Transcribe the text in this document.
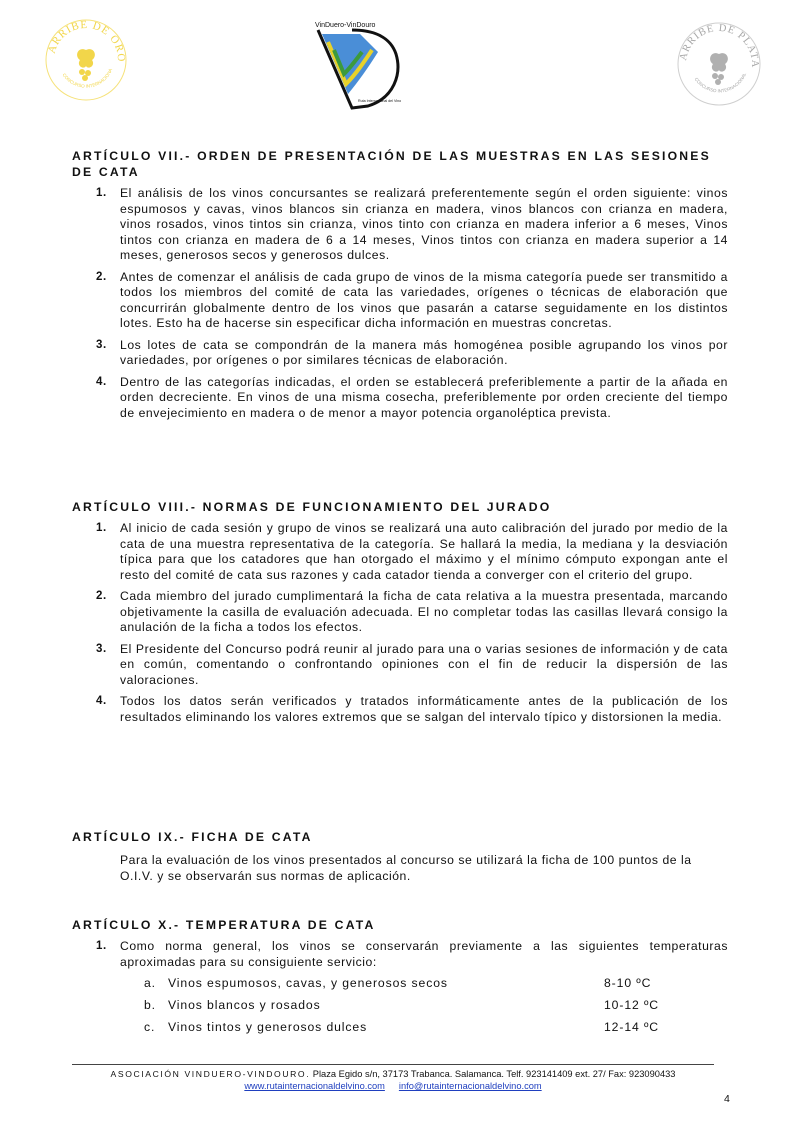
ARRIBE DE ORO
CONCURSO INTERNACIONA
VinDuero-VinDouro
Ruta Internacional del Vino
ARRIBE DE PLATA
CONCURSO INTERNACIONAL
ARTÍCULO VII.- ORDEN DE PRESENTACIÓN DE LAS MUESTRAS EN LAS SESIONES DE CATA
1. El análisis de los vinos concursantes se realizará preferentemente según el orden siguiente: vinos espumosos y cavas, vinos blancos sin crianza en madera, vinos blancos con crianza en madera, vinos rosados, vinos tintos sin crianza, vinos tinto con crianza en madera inferior a 6 meses, Vinos tintos con crianza en madera de 6 a 14 meses, Vinos tintos con crianza en madera superior a 14 meses, generosos secos y generosos dulces.
2. Antes de comenzar el análisis de cada grupo de vinos de la misma categoría puede ser transmitido a todos los miembros del comité de cata las variedades, orígenes o técnicas de elaboración que concurrirán globalmente dentro de los vinos que pasarán a catarse seguidamente en los distintos lotes. Esto ha de hacerse sin especificar dicha información en muestras concretas.
3. Los lotes de cata se compondrán de la manera más homogénea posible agrupando los vinos por variedades, por orígenes o por similares técnicas de elaboración.
4. Dentro de las categorías indicadas, el orden se establecerá preferiblemente a partir de la añada en orden decreciente. En vinos de una misma cosecha, preferiblemente por orden creciente del tiempo de envejecimiento en madera o de menor a mayor potencia organoléptica prevista.
ARTÍCULO VIII.- NORMAS DE FUNCIONAMIENTO DEL JURADO
1. Al inicio de cada sesión y grupo de vinos se realizará una auto calibración del jurado por medio de la cata de una muestra representativa de la categoría. Se hallará la media, la mediana y la desviación típica para que los catadores que han otorgado el máximo y el mínimo cómputo expongan ante el resto del comité de cata sus razones y cada catador tienda a converger con el criterio del grupo.
2. Cada miembro del jurado cumplimentará la ficha de cata relativa a la muestra presentada, marcando objetivamente la casilla de evaluación adecuada. El no completar todas las casillas llevará consigo la anulación de la ficha a todos los efectos.
3. El Presidente del Concurso podrá reunir al jurado para una o varias sesiones de información y de cata en común, comentando o confrontando opiniones con el fin de reducir la dispersión de las valoraciones.
4. Todos los datos serán verificados y tratados informáticamente antes de la publicación de los resultados eliminando los valores extremos que se salgan del intervalo típico y distorsionen la media.
ARTÍCULO IX.- FICHA DE CATA

Para la evaluación de los vinos presentados al concurso se utilizará la ficha de 100 puntos de la O.I.V. y se observarán sus normas de aplicación.

ARTÍCULO X.- TEMPERATURA DE CATA
1. Como norma general, los vinos se conservarán previamente a las siguientes temperaturas aproximadas para su consiguiente servicio:
a. Vinos espumosos, cavas, y generosos secos	8-10 ºC
b. Vinos blancos y rosados	10-12 ºC
c. Vinos tintos y generosos dulces	12-14 ºC
ASOCIACIÓN VINDUERO-VINDOURO. Plaza Egido s/n, 37173 Trabanca. Salamanca. Telf. 923141409 ext. 27/ Fax: 923090433
www.rutainternacionaldelvino.com info@rutainternacionaldelvino.com
4
